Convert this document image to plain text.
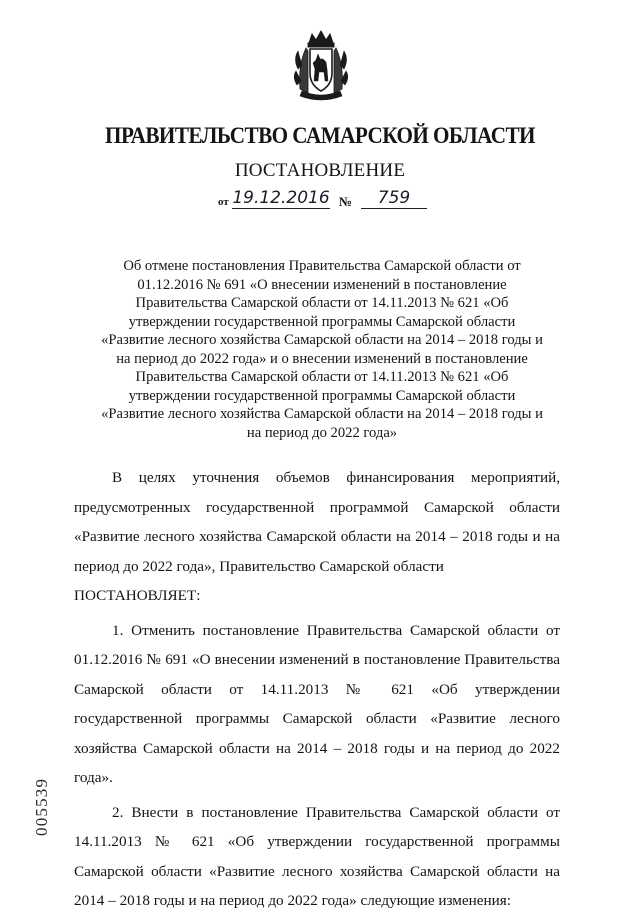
ПРАВИТЕЛЬСТВО САМАРСКОЙ ОБЛАСТИ
ПОСТАНОВЛЕНИЕ
от 19.12.2016 №	759
Об отмене постановления Правительства Самарской области от 01.12.2016 № 691 «О внесении изменений в постановление Правительства Самарской области от 14.11.2013 № 621 «Об утверждении государственной программы Самарской области «Развитие лесного хозяйства Самарской области на 2014 – 2018 годы и на период до 2022 года» и о внесении изменений в постановление Правительства Самарской области от 14.11.2013 № 621 «Об утверждении государственной программы Самарской области «Развитие лесного хозяйства Самарской области на 2014 – 2018 годы и на период до 2022 года»

В целях уточнения объемов финансирования мероприятий, предусмотренных государственной программой Самарской области «Развитие лесного хозяйства Самарской области на 2014 – 2018 годы и на период до 2022 года», Правительство Самарской области

ПОСТАНОВЛЯЕТ:

1. Отменить постановление Правительства Самарской области от 01.12.2016 № 691 «О внесении изменений в постановление Правительства Самарской области от 14.11.2013 № 621 «Об утверждении государственной программы Самарской области «Развитие лесного хозяйства Самарской области на 2014 – 2018 годы и на период до 2022 года».

2. Внести в постановление Правительства Самарской области от 14.11.2013 № 621 «Об утверждении государственной программы Самарской области «Развитие лесного хозяйства Самарской области на 2014 – 2018 годы и на период до 2022 года» следующие изменения:

005539
